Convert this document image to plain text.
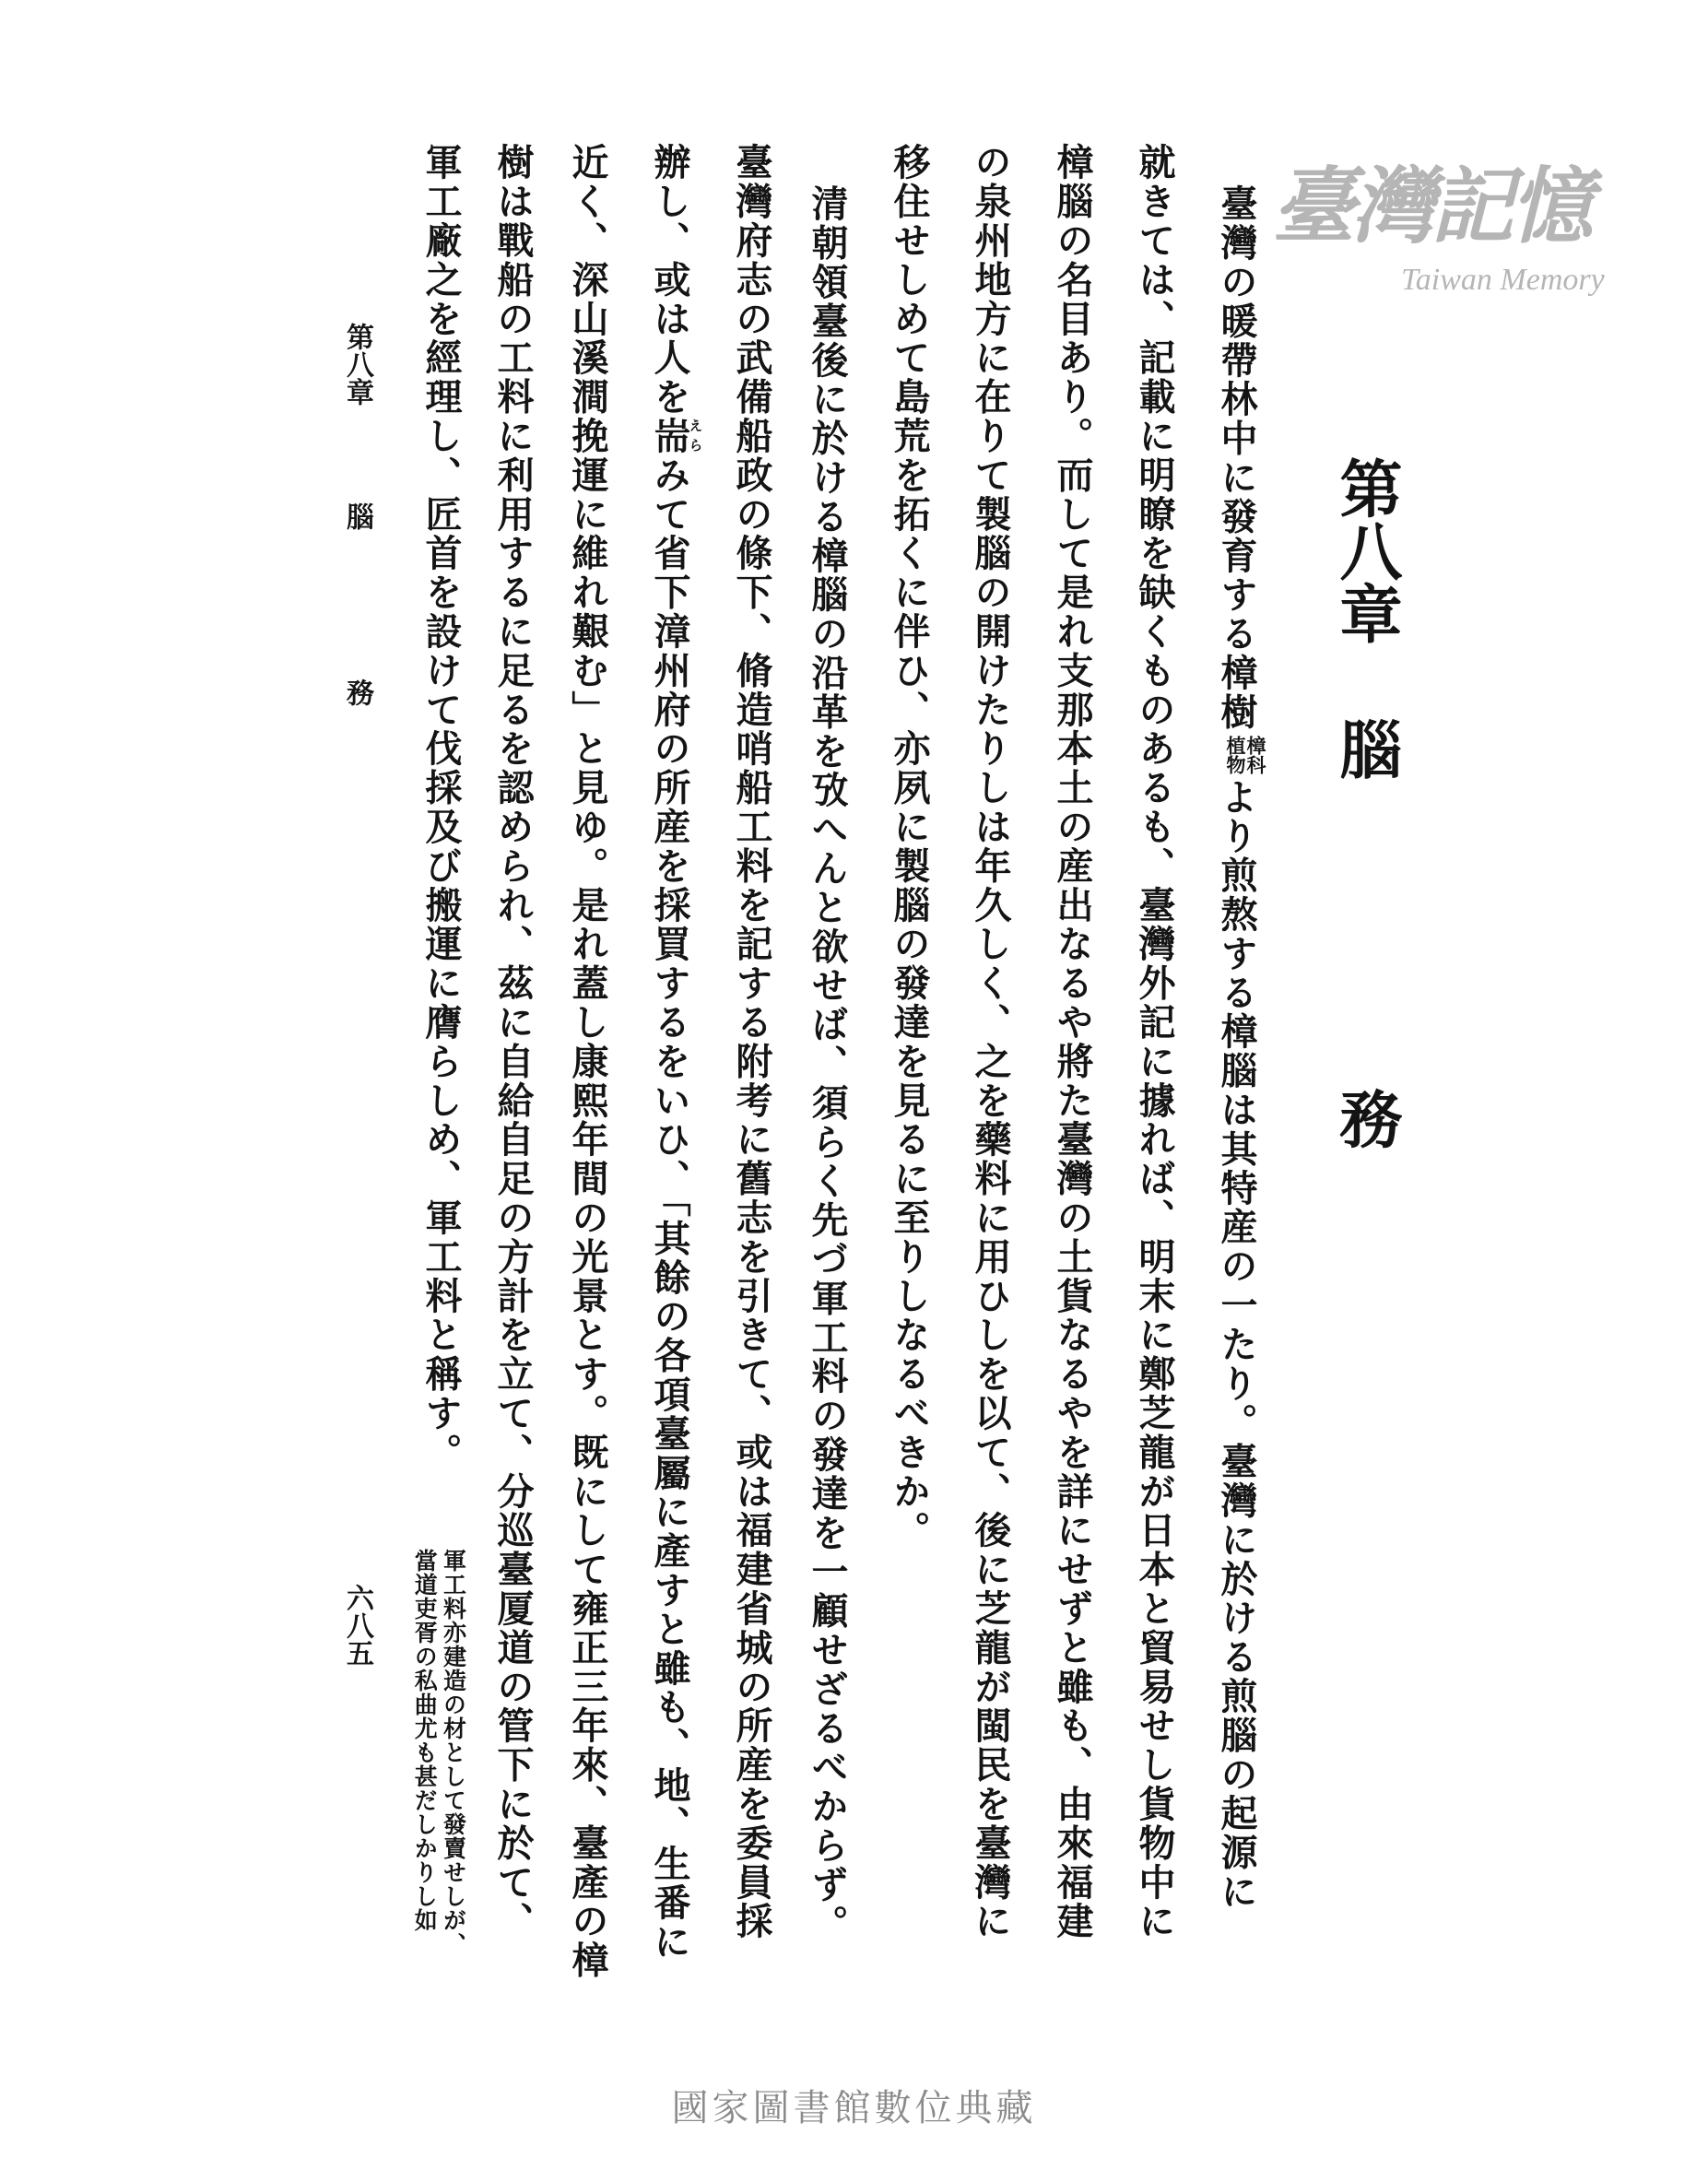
第八章 腦 務
臺灣の暖帶林中に發育する樟樹
樟科
植物
より煎熬する樟腦は其特産の一たり。臺灣に於ける煎腦の起源に
就きては、記載に明瞭を缺くものあるも、臺灣外記に據れば、明末に鄭芝龍が日本と貿易せし貨物中に
樟腦の名目あり。而して是れ支那本土の産出なるや將た臺灣の土貨なるやを詳にせずと雖も、由來福建
の泉州地方に在りて製腦の開けたりしは年久しく、之を藥料に用ひしを以て、後に芝龍が閩民を臺灣に
移住せしめて島荒を拓くに伴ひ、亦夙に製腦の發達を見るに至りしなるべきか。
清朝領臺後に於ける樟腦の沿革を攷へんと欲せば、須らく先づ軍工料の發達を一顧せざるべからず。
臺灣府志の武備船政の條下、脩造哨船工料を記する附考に舊志を引きて、或は福建省城の所産を委員採
辦し、或は人を耑えらみて省下漳州府の所産を採買するをいひ、「其餘の各項臺屬に產すと雖も、地、生番に
近く、深山溪澗挽運に維れ艱む」と見ゆ。是れ蓋し康熙年間の光景とす。既にして雍正三年來、臺產の樟
樹は戰船の工料に利用するに足るを認められ、茲に自給自足の方計を立て、分巡臺厦道の管下に於て、
軍工廠之を經理し、匠首を設けて伐採及び搬運に膺らしめ、軍工料と稱す。
軍工料亦建造の材として發賣せしが、
當道吏胥の私曲尤も甚だしかりし如
第八章 腦 務
六八五
臺灣記憶
Taiwan Memory
國家圖書館數位典藏
